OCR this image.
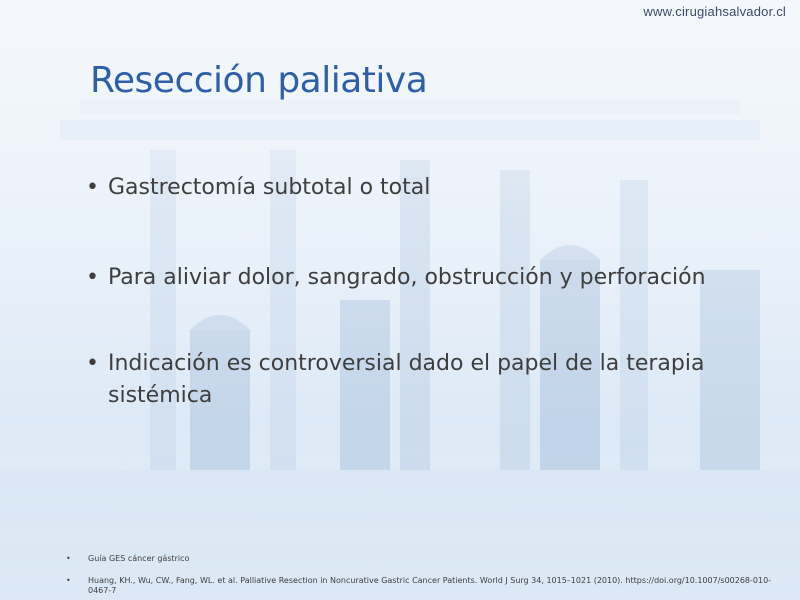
www.cirugiahsalvador.cl
Resección paliativa
• Gastrectomía subtotal o total
• Para aliviar dolor, sangrado, obstrucción y perforación
• Indicación es controversial dado el papel de la terapia sistémica
• Guía GES cáncer gástrico
• Huang, KH., Wu, CW., Fang, WL. et al. Palliative Resection in Noncurative Gastric Cancer Patients. World J Surg 34, 1015–1021 (2010). https://doi.org/10.1007/s00268-010-0467-7
